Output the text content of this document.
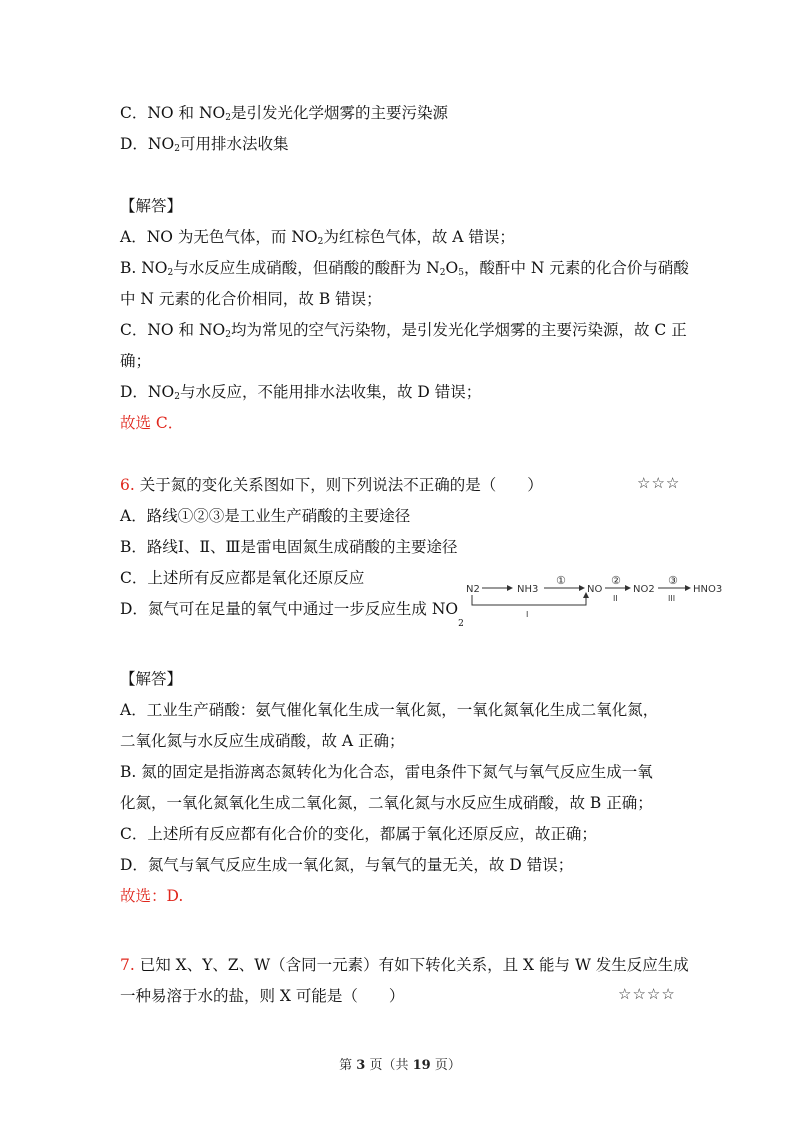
C．NO 和 $NO_2$是引发光化学烟雾的主要污染源
D．$NO_2$可用排水法收集
【解答】
A．NO 为无色气体，而 $NO_2$为红棕色气体，故 A 错误；
B. $NO_2$与水反应生成硝酸，但硝酸的酸酐为 $N_2O_5$，酸酐中 N 元素的化合价与硝酸
中 N 元素的化合价相同，故 B 错误；
C．NO 和 $NO_2$均为常见的空气污染物，是引发光化学烟雾的主要污染源，故 C 正
确；
D．$NO_2$与水反应，不能用排水法收集，故 D 错误；
故选 C．
6. 关于氮的变化关系图如下，则下列说法不正确的是（　　）	☆☆☆
A．路线①②③是工业生产硝酸的主要途径
B．路线Ⅰ、Ⅱ、Ⅲ是雷电固氮生成硝酸的主要途径
C．上述所有反应都是氧化还原反应
D．氮气可在足量的氧气中通过一步反应生成 $NO_2$
N2	NH3
①
NO
②
II
NO2
③
III
HNO3
I
【解答】
A．工业生产硝酸：氨气催化氧化生成一氧化氮，一氧化氮氧化生成二氧化氮，
二氧化氮与水反应生成硝酸，故 A 正确；
B. 氮的固定是指游离态氮转化为化合态，雷电条件下氮气与氧气反应生成一氧
化氮，一氧化氮氧化生成二氧化氮，二氧化氮与水反应生成硝酸，故 B 正确；
C．上述所有反应都有化合价的变化，都属于氧化还原反应，故正确；
D．氮气与氧气反应生成一氧化氮，与氧气的量无关，故 D 错误；
故选：D.
7. 已知 X、Y、Z、W（含同一元素）有如下转化关系，且 X 能与 W 发生反应生成
一种易溶于水的盐，则 X 可能是（　　）	☆☆☆☆
第 3 页（共 19 页）
